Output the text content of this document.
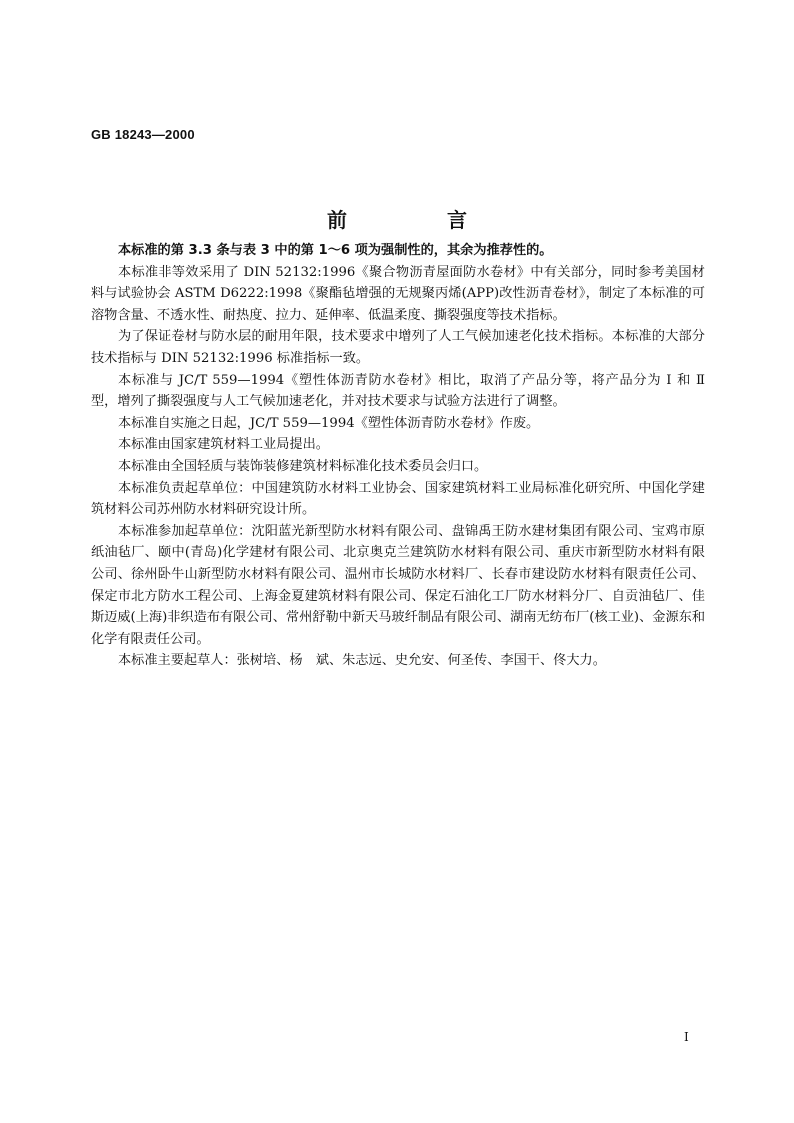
GB 18243—2000
前　言

本标准的第 3.3 条与表 3 中的第 1～6 项为强制性的，其余为推荐性的。

本标准非等效采用了 DIN 52132:1996《聚合物沥青屋面防水卷材》中有关部分，同时参考美国材料与试验协会 ASTM D6222:1998《聚酯毡增强的无规聚丙烯(APP)改性沥青卷材》，制定了本标准的可溶物含量、不透水性、耐热度、拉力、延伸率、低温柔度、撕裂强度等技术指标。

为了保证卷材与防水层的耐用年限，技术要求中增列了人工气候加速老化技术指标。本标准的大部分技术指标与 DIN 52132:1996 标准指标一致。

本标准与 JC/T 559—1994《塑性体沥青防水卷材》相比，取消了产品分等，将产品分为 Ⅰ 和 Ⅱ 型，增列了撕裂强度与人工气候加速老化，并对技术要求与试验方法进行了调整。

本标准自实施之日起，JC/T 559—1994《塑性体沥青防水卷材》作废。

本标准由国家建筑材料工业局提出。

本标准由全国轻质与装饰装修建筑材料标准化技术委员会归口。

本标准负责起草单位：中国建筑防水材料工业协会、国家建筑材料工业局标准化研究所、中国化学建筑材料公司苏州防水材料研究设计所。

本标准参加起草单位：沈阳蓝光新型防水材料有限公司、盘锦禹王防水建材集团有限公司、宝鸡市原纸油毡厂、颐中(青岛)化学建材有限公司、北京奥克兰建筑防水材料有限公司、重庆市新型防水材料有限公司、徐州卧牛山新型防水材料有限公司、温州市长城防水材料厂、长春市建设防水材料有限责任公司、保定市北方防水工程公司、上海金夏建筑材料有限公司、保定石油化工厂防水材料分厂、自贡油毡厂、佳斯迈威(上海)非织造布有限公司、常州舒勒中新天马玻纤制品有限公司、湖南无纺布厂(核工业)、金源东和化学有限责任公司。

本标准主要起草人：张树培、杨　斌、朱志远、史允安、何圣传、李国干、佟大力。

I
